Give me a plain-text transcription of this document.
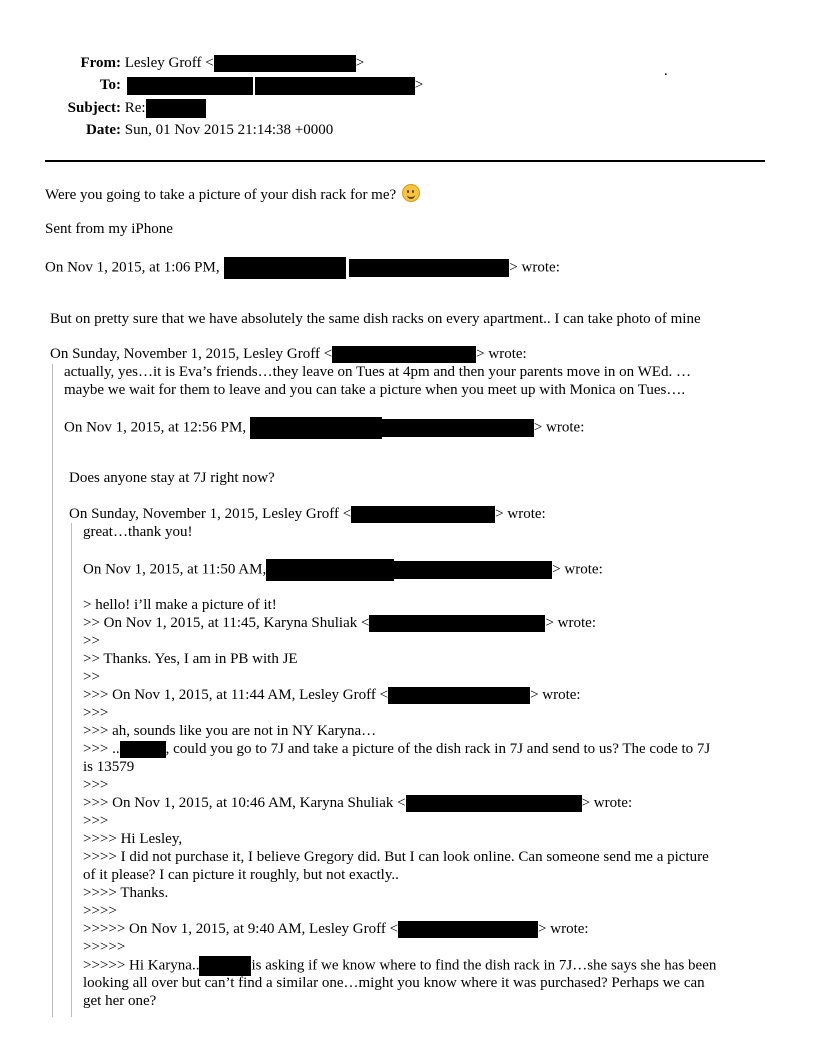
From: Lesley Groff <	>
To:	>
.
Subject: Re:
Date: Sun, 01 Nov 2015 21:14:38 +0000
Were you going to take a picture of your dish rack for me?
Sent from my iPhone
On Nov 1, 2015, at 1:06 PM,	> wrote:
But on pretty sure that we have absolutely the same dish racks on every apartment.. I can take photo of mine
On Sunday, November 1, 2015, Lesley Groff <	> wrote:
actually, yes…it is Eva’s friends…they leave on Tues at 4pm and then your parents move in on WEd. …
maybe we wait for them to leave and you can take a picture when you meet up with Monica on Tues….
On Nov 1, 2015, at 12:56 PM,	> wrote:
Does anyone stay at 7J right now?
On Sunday, November 1, 2015, Lesley Groff <	> wrote:
great…thank you!
On Nov 1, 2015, at 11:50 AM,	> wrote:
> hello! i’ll make a picture of it!
>> On Nov 1, 2015, at 11:45, Karyna Shuliak <	> wrote:
>>
>> Thanks. Yes, I am in PB with JE
>>
>>> On Nov 1, 2015, at 11:44 AM, Lesley Groff <	> wrote:
>>>
>>> ah, sounds like you are not in NY Karyna…
>>> ..	, could you go to 7J and take a picture of the dish rack in 7J and send to us? The code to 7J
is 13579
>>>
>>> On Nov 1, 2015, at 10:46 AM, Karyna Shuliak <	> wrote:
>>>
>>>> Hi Lesley,
>>>> I did not purchase it, I believe Gregory did. But I can look online. Can someone send me a picture
of it please? I can picture it roughly, but not exactly..
>>>> Thanks.
>>>>
>>>>> On Nov 1, 2015, at 9:40 AM, Lesley Groff <	> wrote:
>>>>>
>>>>> Hi Karyna..	is asking if we know where to find the dish rack in 7J…she says she has been
looking all over but can’t find a similar one…might you know where it was purchased? Perhaps we can
get her one?
